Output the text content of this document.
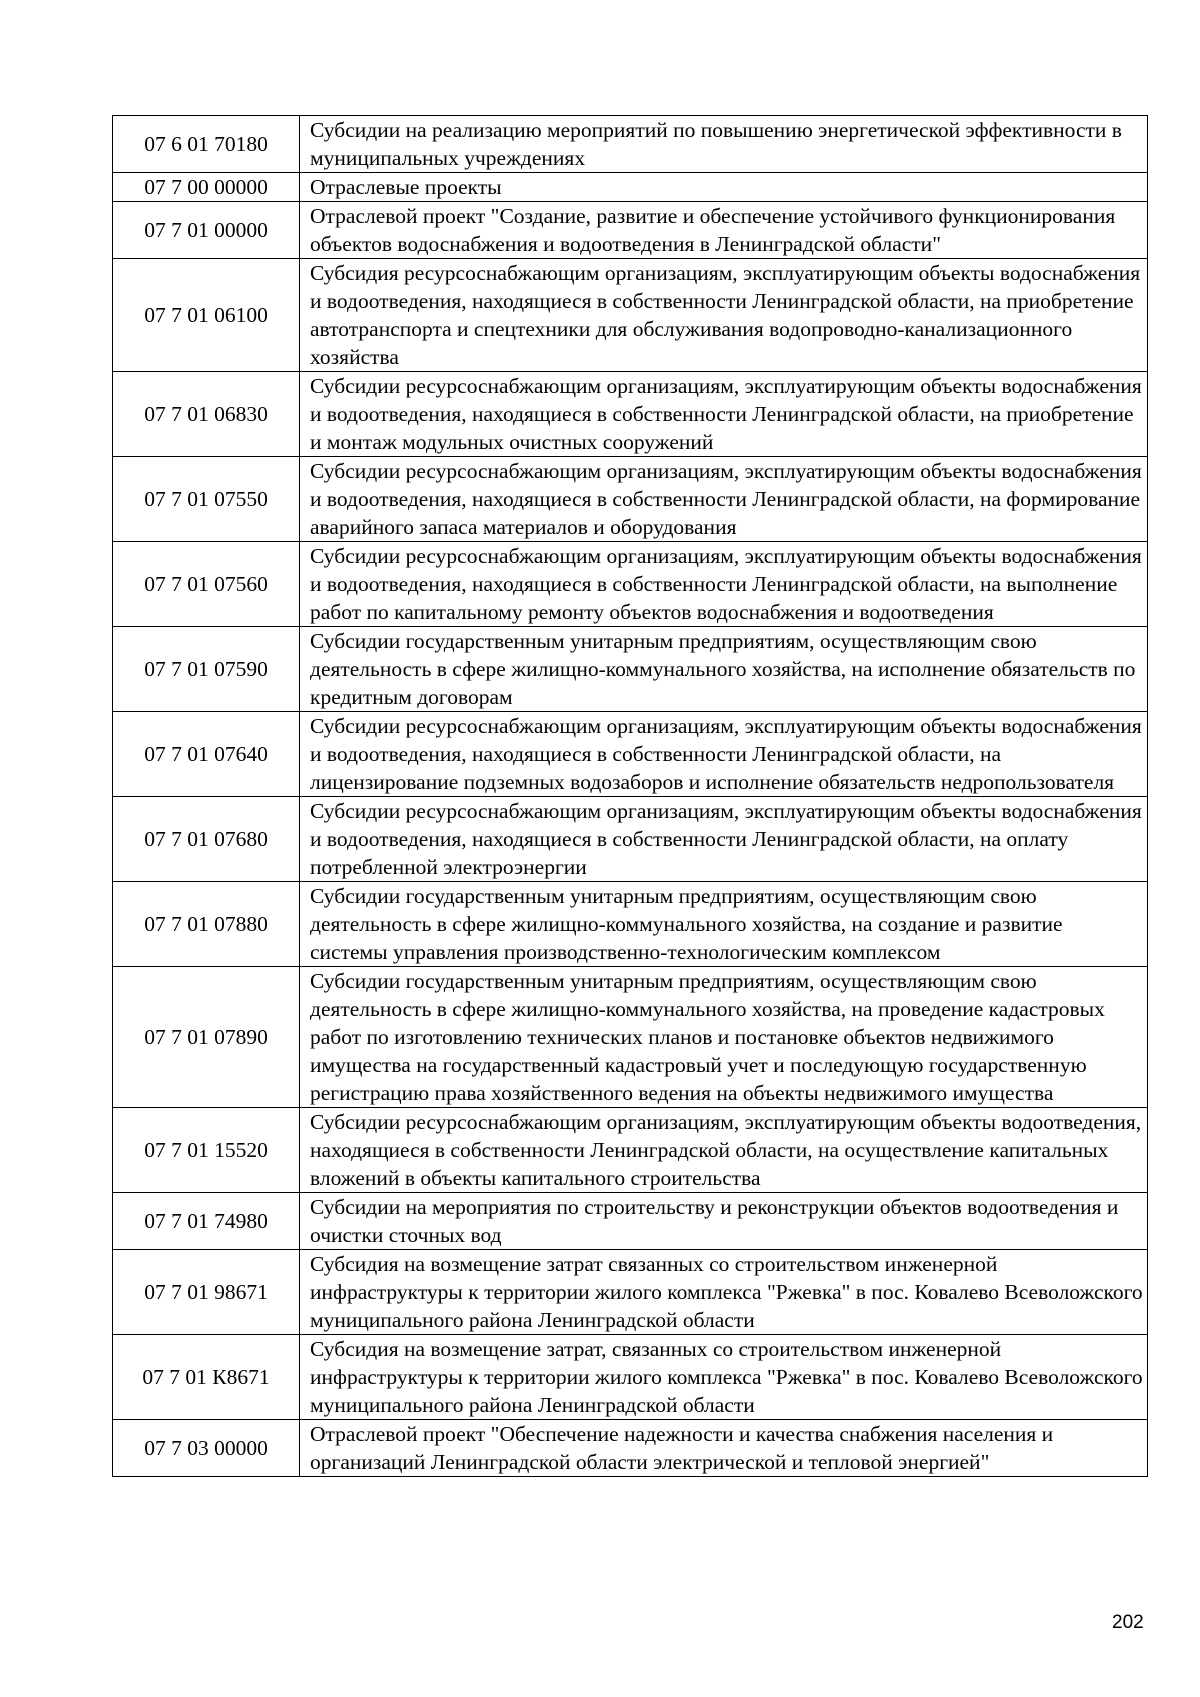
07 6 01 70180	Субсидии на реализацию мероприятий по повышению энергетической эффективности в муниципальных учреждениях
07 7 00 00000	Отраслевые проекты
07 7 01 00000	Отраслевой проект "Создание, развитие и обеспечение устойчивого функционирования объектов водоснабжения и водоотведения в Ленинградской области"
07 7 01 06100	Субсидия ресурсоснабжающим организациям, эксплуатирующим объекты водоснабжения и водоотведения, находящиеся в собственности Ленинградской области, на приобретение автотранспорта и спецтехники для обслуживания водопроводно-канализационного хозяйства
07 7 01 06830	Субсидии ресурсоснабжающим организациям, эксплуатирующим объекты водоснабжения и водоотведения, находящиеся в собственности Ленинградской области, на приобретение и монтаж модульных очистных сооружений
07 7 01 07550	Субсидии ресурсоснабжающим организациям, эксплуатирующим объекты водоснабжения и водоотведения, находящиеся в собственности Ленинградской области, на формирование аварийного запаса материалов и оборудования
07 7 01 07560	Субсидии ресурсоснабжающим организациям, эксплуатирующим объекты водоснабжения и водоотведения, находящиеся в собственности Ленинградской области, на выполнение работ по капитальному ремонту объектов водоснабжения и водоотведения
07 7 01 07590	Субсидии государственным унитарным предприятиям, осуществляющим свою деятельность в сфере жилищно-коммунального хозяйства, на исполнение обязательств по кредитным договорам
07 7 01 07640	Субсидии ресурсоснабжающим организациям, эксплуатирующим объекты водоснабжения и водоотведения, находящиеся в собственности Ленинградской области, на лицензирование подземных водозаборов и исполнение обязательств недропользователя
07 7 01 07680	Субсидии ресурсоснабжающим организациям, эксплуатирующим объекты водоснабжения и водоотведения, находящиеся в собственности Ленинградской области, на оплату потребленной электроэнергии
07 7 01 07880	Субсидии государственным унитарным предприятиям, осуществляющим свою деятельность в сфере жилищно-коммунального хозяйства, на создание и развитие системы управления производственно-технологическим комплексом
07 7 01 07890	Субсидии государственным унитарным предприятиям, осуществляющим свою деятельность в сфере жилищно-коммунального хозяйства, на проведение кадастровых работ по изготовлению технических планов и постановке объектов недвижимого имущества на государственный кадастровый учет и последующую государственную регистрацию права хозяйственного ведения на объекты недвижимого имущества
07 7 01 15520	Субсидии ресурсоснабжающим организациям, эксплуатирующим объекты водоотведения, находящиеся в собственности Ленинградской области, на осуществление капитальных вложений в объекты капитального строительства
07 7 01 74980	Субсидии на мероприятия по строительству и реконструкции объектов водоотведения и очистки сточных вод
07 7 01 98671	Субсидия на возмещение затрат связанных со строительством инженерной инфраструктуры к территории жилого комплекса "Ржевка" в пос. Ковалево Всеволожского муниципального района Ленинградской области
07 7 01 К8671	Субсидия на возмещение затрат, связанных со строительством инженерной инфраструктуры к территории жилого комплекса "Ржевка" в пос. Ковалево Всеволожского муниципального района Ленинградской области
07 7 03 00000	Отраслевой проект "Обеспечение надежности и качества снабжения населения и организаций Ленинградской области электрической и тепловой энергией"
202
